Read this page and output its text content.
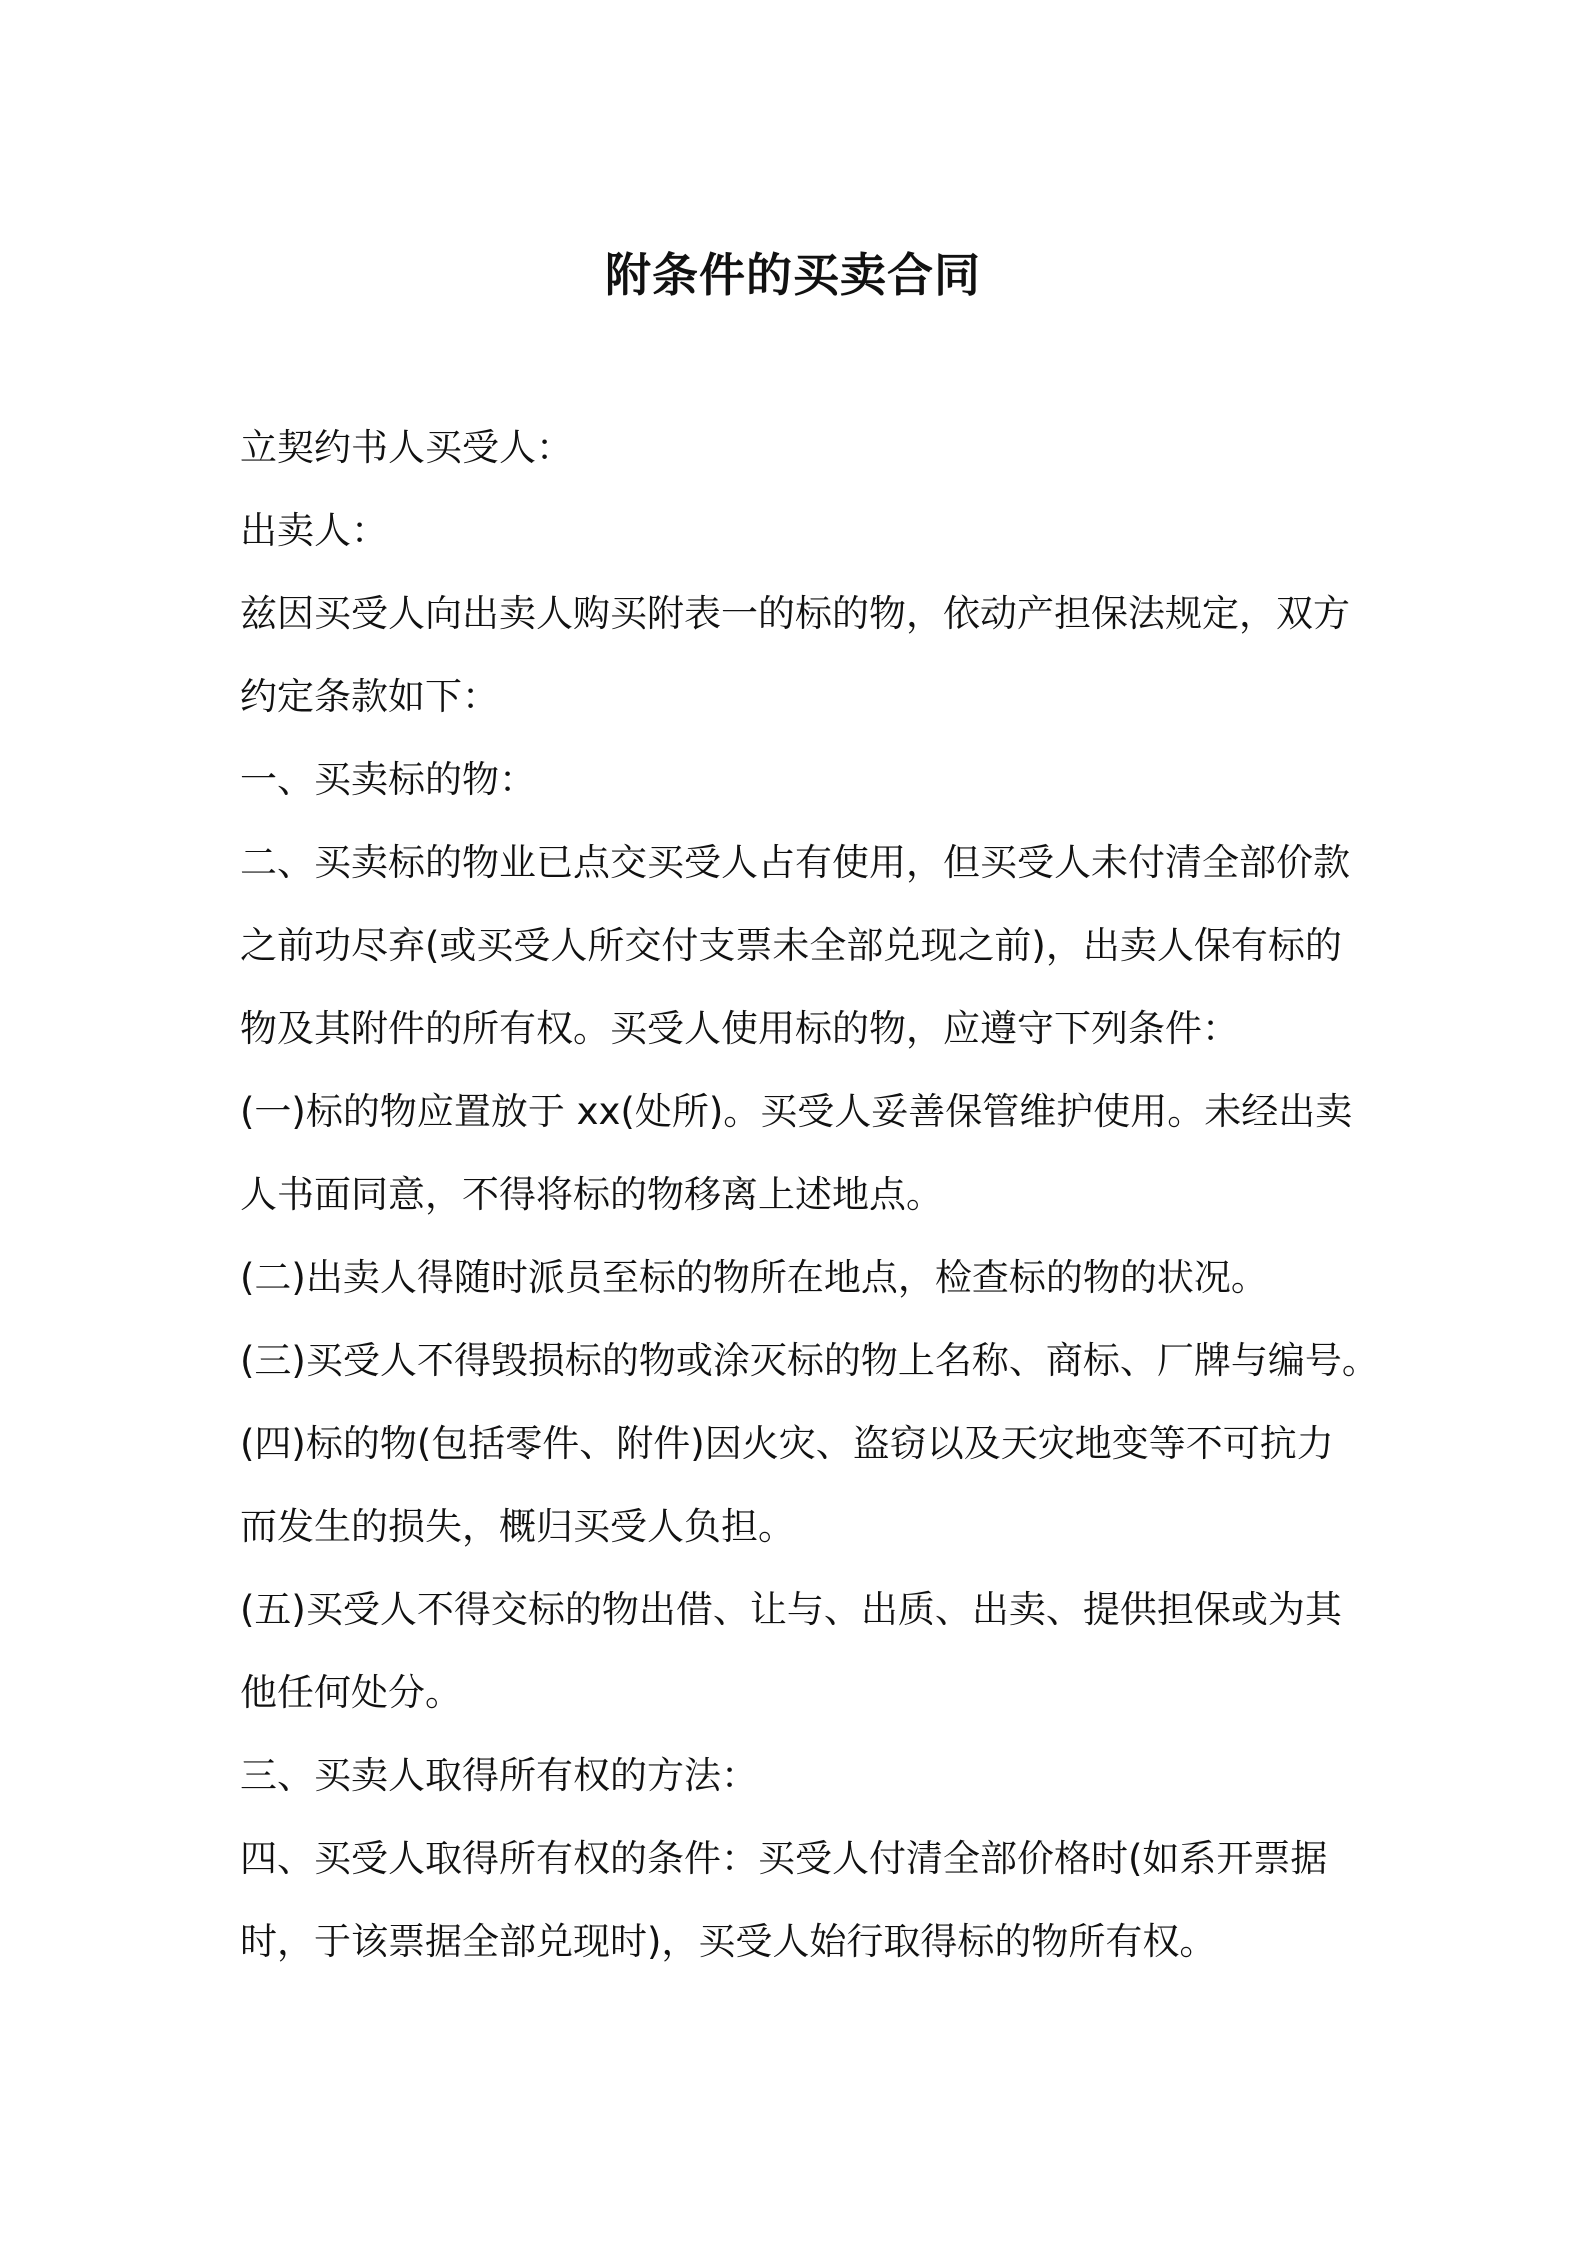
附条件的买卖合同

立契约书人买受人：

出卖人：

兹因买受人向出卖人购买附表一的标的物，依动产担保法规定，双方

约定条款如下：

一、买卖标的物：

二、买卖标的物业已点交买受人占有使用，但买受人未付清全部价款

之前功尽弃(或买受人所交付支票未全部兑现之前)，出卖人保有标的

物及其附件的所有权。买受人使用标的物，应遵守下列条件：

(一)标的物应置放于 xx(处所)。买受人妥善保管维护使用。未经出卖

人书面同意，不得将标的物移离上述地点。

(二)出卖人得随时派员至标的物所在地点，检查标的物的状况。

(三)买受人不得毁损标的物或涂灭标的物上名称、商标、厂牌与编号。

(四)标的物(包括零件、附件)因火灾、盗窃以及天灾地变等不可抗力

而发生的损失，概归买受人负担。

(五)买受人不得交标的物出借、让与、出质、出卖、提供担保或为其

他任何处分。

三、买卖人取得所有权的方法：

四、买受人取得所有权的条件：买受人付清全部价格时(如系开票据

时，于该票据全部兑现时)，买受人始行取得标的物所有权。
